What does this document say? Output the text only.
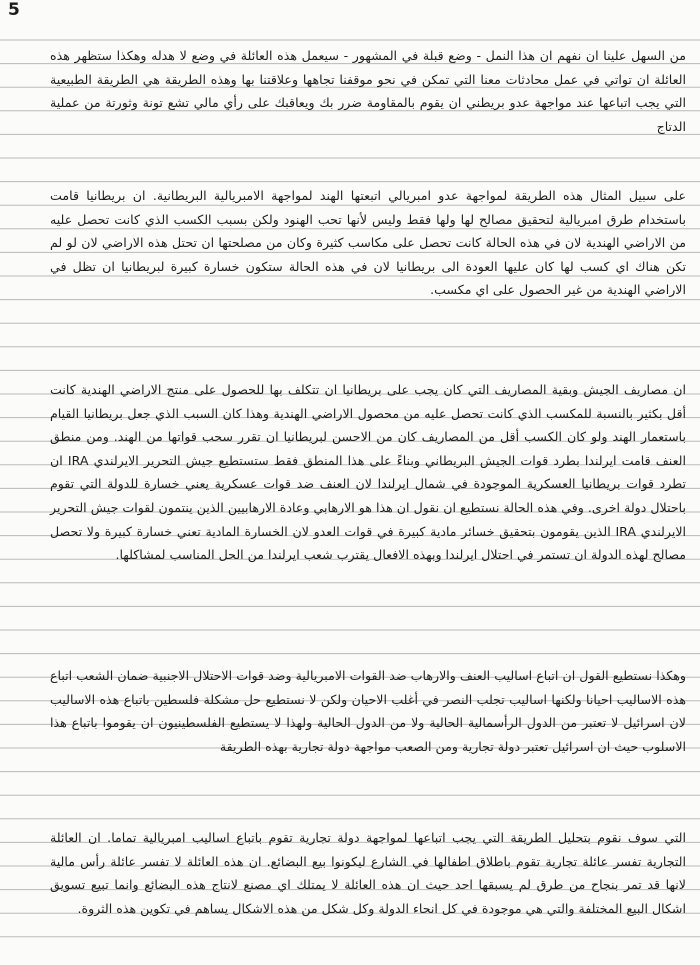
5

من السهل علينا ان نفهم ان هذا النمل - وضع قبلة في المشهور - سيعمل هذه العائلة في وضع لا هدله وهكذا ستظهر هذه العائلة ان تواتي في عمل محادثات معنا التي تمكن في نحو موقفنا تجاهها وعلاقتنا بها وهذه الطريقة هي الطريقة الطبيعية التي يجب اتباعها عند مواجهة عدو بريطني ان يقوم بالمقاومة ضرر بك ويعاقبك على رأي مالي تشع تونة وثورتة من عملية الدتاج

على سبيل المثال هذه الطريقة لمواجهة عدو امبريالي اتبعتها الهند لمواجهة الامبريالية البريطانية. ان بريطانيا قامت باستخدام طرق امبريالية لتحقيق مصالح لها ولها فقط وليس لأنها تحب الهنود ولكن بسبب الكسب الذي كانت تحصل عليه من الاراضي الهندية لان في هذه الحالة كانت تحصل على مكاسب كثيرة وكان من مصلحتها ان تحتل هذه الاراضي لان لو لم تكن هناك اي كسب لها كان عليها العودة الى بريطانيا لان في هذه الحالة ستكون خسارة كبيرة لبريطانيا ان تظل في الاراضي الهندية من غير الحصول على اي مكسب.

ان مصاريف الجيش وبقية المصاريف التي كان يجب على بريطانيا ان تتكلف بها للحصول على منتج الاراضي الهندية كانت أقل بكثير بالنسبة للمكسب الذي كانت تحصل عليه من محصول الاراضي الهندية وهذا كان السبب الذي جعل بريطانيا القيام باستعمار الهند ولو كان الكسب أقل من المصاريف كان من الاحسن لبريطانيا ان تقرر سحب قواتها من الهند. ومن منطق العنف قامت ايرلندا بطرد قوات الجيش البريطاني وبناءً على هذا المنطق فقط ستستطيع جيش التحرير الايرلندي IRA ان تطرد قوات بريطانيا العسكرية الموجودة في شمال ايرلندا لان العنف ضد قوات عسكرية يعني خسارة للدولة التي تقوم باحتلال دولة اخرى. وفي هذه الحالة نستطيع ان نقول ان هذا هو الارهابي وعادة الارهابيين الذين ينتمون لقوات جيش التحرير الايرلندي IRA الذين يقومون بتحقيق خسائر مادية كبيرة في قوات العدو لان الخسارة المادية تعني خسارة كبيرة ولا تحصل مصالح لهذه الدولة ان تستمر في احتلال ايرلندا وبهذه الافعال يقترب شعب ايرلندا من الحل المناسب لمشاكلها.

وهكذا نستطيع القول ان اتباع اساليب العنف والارهاب ضد القوات الامبريالية وضد قوات الاحتلال الاجنبية ضمان الشعب اتباع هذه الاساليب احيانا ولكنها اساليب تجلب النصر في أغلب الاحيان ولكن لا نستطيع حل مشكلة فلسطين باتباع هذه الاساليب لان اسرائيل لا تعتبر من الدول الرأسمالية الحالية ولا من الدول الحالية ولهذا لا يستطيع الفلسطينيون ان يقوموا باتباع هذا الاسلوب حيث ان اسرائيل تعتبر دولة تجارية ومن الصعب مواجهة دولة تجارية بهذه الطريقة

التي سوف نقوم بتحليل الطريقة التي يجب اتباعها لمواجهة دولة تجارية تقوم باتباع اساليب امبريالية تماما. ان العائلة التجارية تفسر عائلة تجارية تقوم باطلاق اطفالها في الشارع ليكونوا بيع البضائع. ان هذه العائلة لا تفسر عائلة رأس مالية لانها قد تمر بنجاح من طرق لم يسبقها احد حيث ان هذه العائلة لا يمتلك اي مصنع لانتاج هذه البضائع وانما تبيع تسويق اشكال البيع المختلفة والتي هي موجودة في كل انحاء الدولة وكل شكل من هذه الاشكال يساهم في تكوين هذه الثروة.
